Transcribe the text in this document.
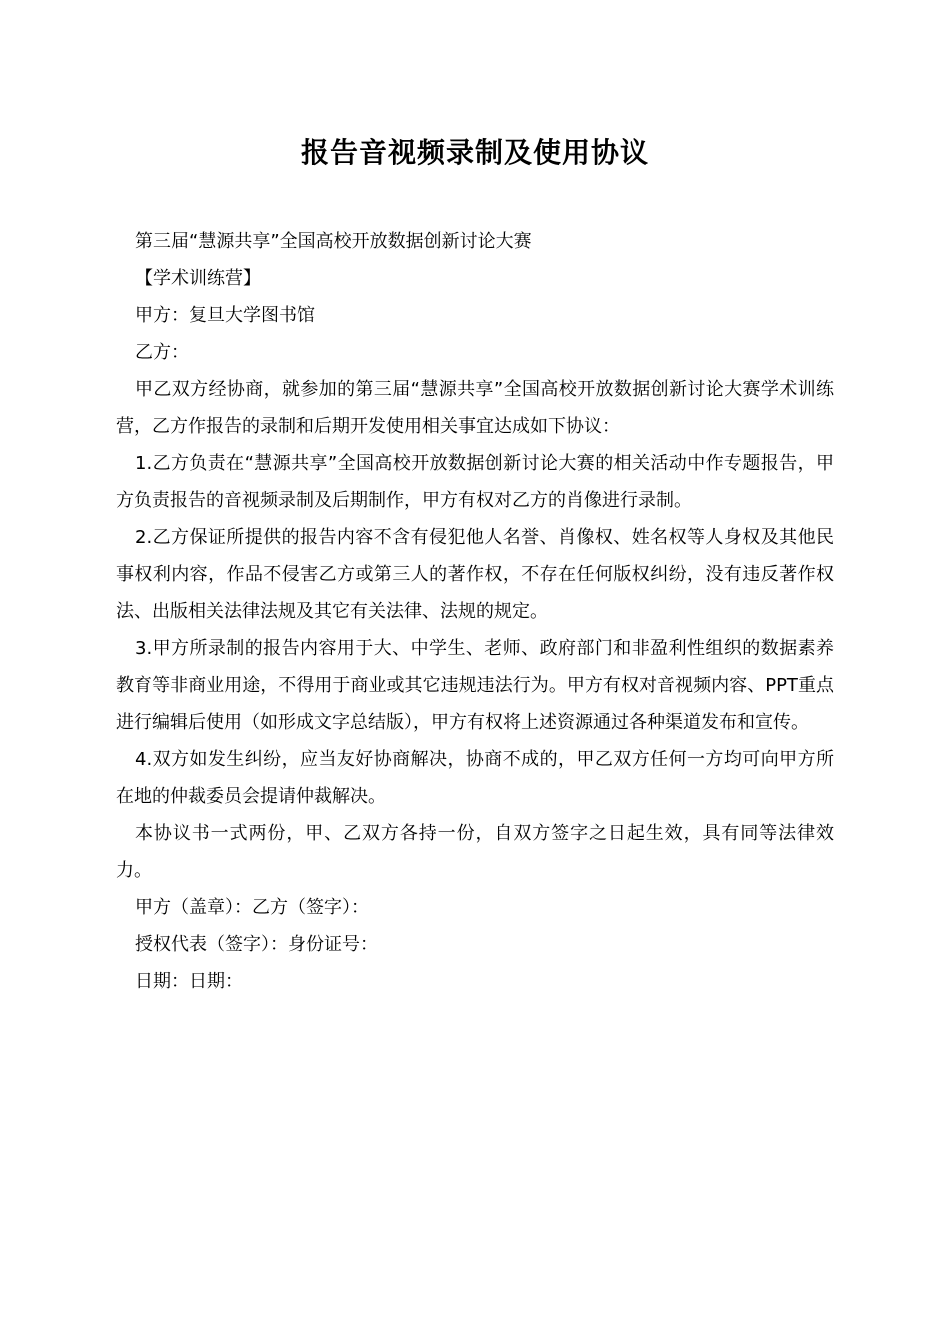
报告音视频录制及使用协议

第三届“慧源共享”全国高校开放数据创新讨论大赛

【学术训练营】

甲方：复旦大学图书馆

乙方：

甲乙双方经协商，就参加的第三届“慧源共享”全国高校开放数据创新讨论大赛学术训练营，乙方作报告的录制和后期开发使用相关事宜达成如下协议：

1.乙方负责在“慧源共享”全国高校开放数据创新讨论大赛的相关活动中作专题报告，甲方负责报告的音视频录制及后期制作，甲方有权对乙方的肖像进行录制。

2.乙方保证所提供的报告内容不含有侵犯他人名誉、肖像权、姓名权等人身权及其他民事权利内容，作品不侵害乙方或第三人的著作权，不存在任何版权纠纷，没有违反著作权法、出版相关法律法规及其它有关法律、法规的规定。

3.甲方所录制的报告内容用于大、中学生、老师、政府部门和非盈利性组织的数据素养教育等非商业用途，不得用于商业或其它违规违法行为。甲方有权对音视频内容、PPT重点进行编辑后使用（如形成文字总结版），甲方有权将上述资源通过各种渠道发布和宣传。

4.双方如发生纠纷，应当友好协商解决，协商不成的，甲乙双方任何一方均可向甲方所在地的仲裁委员会提请仲裁解决。

本协议书一式两份，甲、乙双方各持一份，自双方签字之日起生效，具有同等法律效力。

甲方（盖章）：乙方（签字）：

授权代表（签字）：身份证号：

日期：日期：
